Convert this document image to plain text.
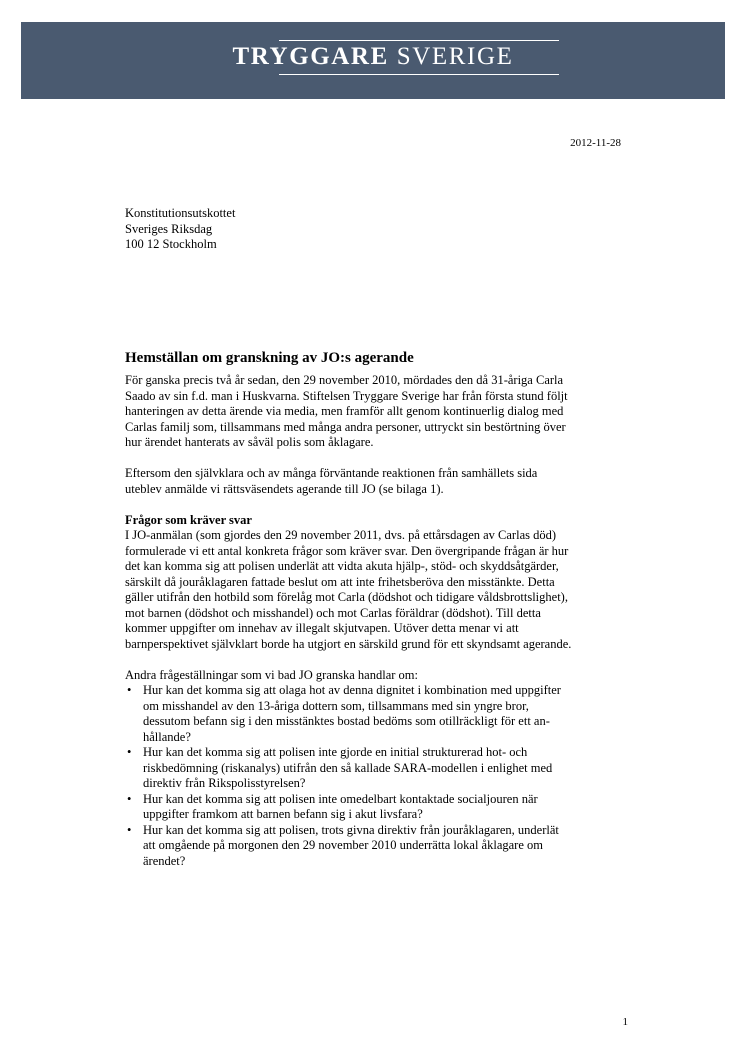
TRYGGARE SVERIGE
2012-11-28
Konstitutionsutskottet
Sveriges Riksdag
100 12 Stockholm
Hemställan om granskning av JO:s agerande
För ganska precis två år sedan, den 29 november 2010, mördades den då 31-åriga Carla
Saado av sin f.d. man i Huskvarna. Stiftelsen Tryggare Sverige har från första stund följt
hanteringen av detta ärende via media, men framför allt genom kontinuerlig dialog med
Carlas familj som, tillsammans med många andra personer, uttryckt sin bestörtning över
hur ärendet hanterats av såväl polis som åklagare.
Eftersom den självklara och av många förväntande reaktionen från samhällets sida
uteblev anmälde vi rättsväsendets agerande till JO (se bilaga 1).
Frågor som kräver svar
I JO-anmälan (som gjordes den 29 november 2011, dvs. på ettårsdagen av Carlas död)
formulerade vi ett antal konkreta frågor som kräver svar. Den övergripande frågan är hur
det kan komma sig att polisen underlät att vidta akuta hjälp-, stöd- och skyddsåtgärder,
särskilt då jouråklagaren fattade beslut om att inte frihetsberöva den misstänkte. Detta
gäller utifrån den hotbild som förelåg mot Carla (dödshot och tidigare våldsbrottslighet),
mot barnen (dödshot och misshandel) och mot Carlas föräldrar (dödshot). Till detta
kommer uppgifter om innehav av illegalt skjutvapen. Utöver detta menar vi att
barnperspektivet självklart borde ha utgjort en särskild grund för ett skyndsamt agerande.
Andra frågeställningar som vi bad JO granska handlar om:
• Hur kan det komma sig att olaga hot av denna dignitet i kombination med uppgifter
om misshandel av den 13-åriga dottern som, tillsammans med sin yngre bror,
dessutom befann sig i den misstänktes bostad bedöms som otillräckligt för ett an-
hållande?
• Hur kan det komma sig att polisen inte gjorde en initial strukturerad hot- och
riskbedömning (riskanalys) utifrån den så kallade SARA-modellen i enlighet med
direktiv från Rikspolisstyrelsen?
• Hur kan det komma sig att polisen inte omedelbart kontaktade socialjouren när
uppgifter framkom att barnen befann sig i akut livsfara?
• Hur kan det komma sig att polisen, trots givna direktiv från jouråklagaren, underlät
att omgående på morgonen den 29 november 2010 underrätta lokal åklagare om
ärendet?
1
